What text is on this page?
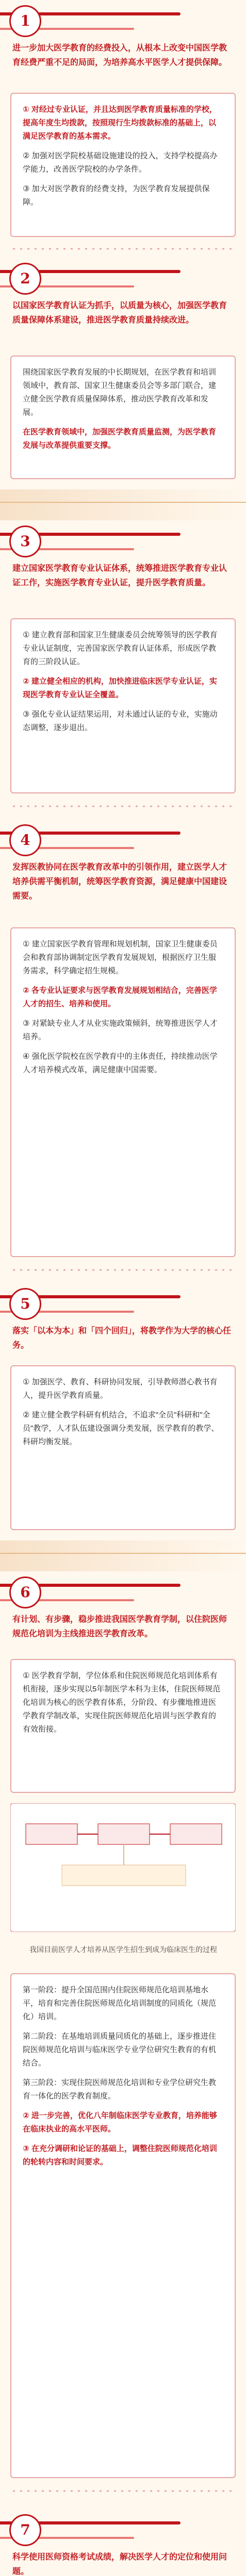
1
进一步加大医学教育的经费投入，从根本上改变中国医学教育经费严重不足的局面，为培养高水平医学人才提供保障。

① 对经过专业认证，并且达到医学教育质量标准的学校，提高年度生均拨款，按照现行生均拨款标准的基础上，以满足医学教育的基本需求。

② 加强对医学院校基础设施建设的投入，支持学校提高办学能力，改善医学院校的办学条件。

③ 加大对医学教育的经费支持，为医学教育发展提供保障。

2
以国家医学教育认证为抓手，以质量为核心，加强医学教育质量保障体系建设，推进医学教育质量持续改进。

围绕国家医学教育发展的中长期规划，在医学教育和培训领域中，教育部、国家卫生健康委员会等多部门联合，建立健全医学教育质量保障体系，推动医学教育改革和发展。

在医学教育领域中，加强医学教育质量监测，为医学教育发展与改革提供重要支撑。

3
建立国家医学教育专业认证体系，统筹推进医学教育专业认证工作，实施医学教育专业认证，提升医学教育质量。

① 建立教育部和国家卫生健康委员会统筹领导的医学教育专业认证制度，完善国家医学教育认证体系，形成医学教育的三阶段认证。

② 建立健全相应的机构，加快推进临床医学专业认证，实现医学教育专业认证全覆盖。

③ 强化专业认证结果运用，对未通过认证的专业，实施动态调整，逐步退出。

4
发挥医教协同在医学教育改革中的引领作用，建立医学人才培养供需平衡机制，统筹医学教育资源，满足健康中国建设需要。

① 建立国家医学教育管理和规划机制，国家卫生健康委员会和教育部协调制定医学教育发展规划，根据医疗卫生服务需求，科学确定招生规模。

② 各专业认证要求与医学教育发展规划相结合，完善医学人才的招生、培养和使用。

③ 对紧缺专业人才从业实施政策倾斜，统筹推进医学人才培养。

④ 强化医学院校在医学教育中的主体责任，持续推动医学人才培养模式改革，满足健康中国需要。

5
落实「以本为本」和「四个回归」，将教学作为大学的核心任务。

① 加强医学、教育、科研协同发展，引导教师潜心教书育人，提升医学教育质量。

② 建立健全教学科研有机结合，不追求"全员"科研和"全员"教学，人才队伍建设强调分类发展，医学教育的教学、科研均衡发展。

6
有计划、有步骤，稳步推进我国医学教育学制，以住院医师规范化培训为主线推进医学教育改革。

① 医学教育学制，学位体系和住院医师规范化培训体系有机衔接，逐步实现以5年制医学本科为主体，住院医师规范化培训为核心的医学教育体系，分阶段、有步骤地推进医学教育学制改革，实现住院医师规范化培训与医学教育的有效衔接。

我国目前医学人才培养从医学生招生到成为临床医生的过程

第一阶段：提升全国范围内住院医师规范化培训基地水平，培育和完善住院医师规范化培训制度的同质化（规范化）培训。

第二阶段：在基地培训质量同质化的基础上，逐步推进住院医师规范化培训与临床医学专业学位研究生教育的有机结合。

第三阶段：实现住院医师规范化培训和专业学位研究生教育一体化的医学教育制度。

② 进一步完善，优化八年制临床医学专业教育，培养能够在临床执业的高水平医师。

③ 在充分调研和论证的基础上，调整住院医师规范化培训的轮转内容和时间要求。

7
科学使用医师资格考试成绩，解决医学人才的定位和使用问题。
